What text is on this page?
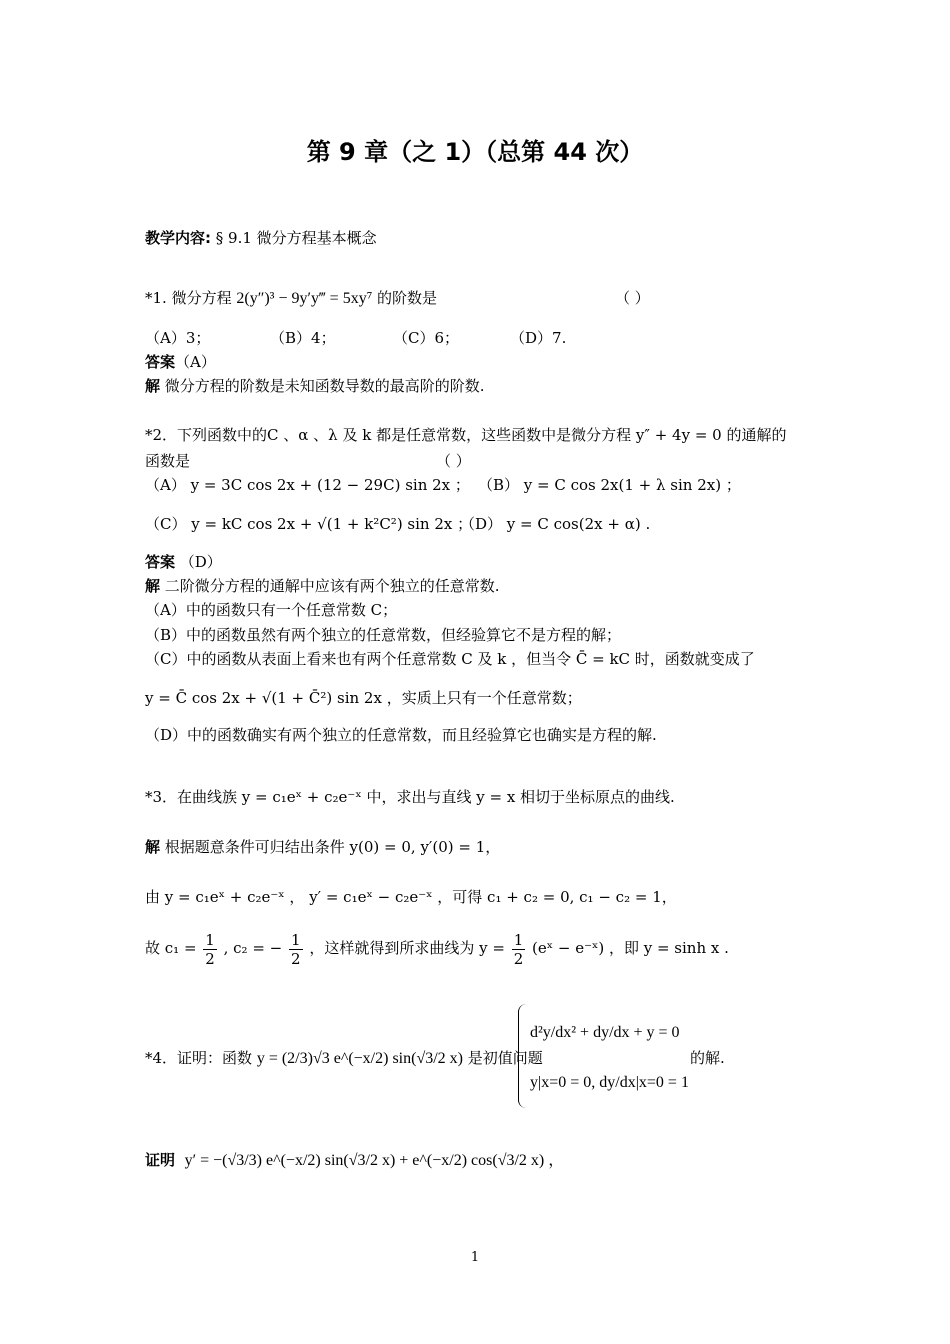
第 9 章（之 1）（总第 44 次）
教学内容: § 9.1 微分方程基本概念
*1. 微分方程 2(y″)³ − 9y′y‴ = 5xy⁷ 的阶数是	（ ）
（A）3；	（B）4；	（C）6；	（D）7.
答案（A）
解 微分方程的阶数是未知函数导数的最高阶的阶数.
*2．下列函数中的C 、α 、λ 及 k 都是任意常数，这些函数中是微分方程 y″ + 4y = 0 的通解的
函数是	（ ）
（A） y = 3C cos 2x + (12 − 29C) sin 2x ； （B） y = C cos 2x(1 + λ sin 2x) ；
（C） y = kC cos 2x + √(1 + k²C²) sin 2x ；
（D） y = C cos(2x + α) .
答案 （D）
解 二阶微分方程的通解中应该有两个独立的任意常数.
（A）中的函数只有一个任意常数 C；
（B）中的函数虽然有两个独立的任意常数，但经验算它不是方程的解；
（C）中的函数从表面上看来也有两个任意常数 C 及 k ，但当令 C̄ = kC 时，函数就变成了
y = C̄ cos 2x + √(1 + C̄²) sin 2x ，实质上只有一个任意常数；
（D）中的函数确实有两个独立的任意常数，而且经验算它也确实是方程的解.
*3．在曲线族 y = c₁eˣ + c₂e⁻ˣ 中，求出与直线 y = x 相切于坐标原点的曲线.
解 根据题意条件可归结出条件 y(0) = 0, y′(0) = 1，
由 y = c₁eˣ + c₂e⁻ˣ ， y′ = c₁eˣ − c₂e⁻ˣ ，可得 c₁ + c₂ = 0, c₁ − c₂ = 1，
故 $c_1 = \frac{1}{2}$ , c₂ = − $\frac{1}{2}$ ，这样就得到所求曲线为 $y = \frac{1}{2}$ (eˣ − e⁻ˣ) ，即 y = sinh x .
*4．证明：函数 y = (2/3)√3 e^(−x/2) sin(√3/2 x) 是初值问题
d²y/dx² + dy/dx + y = 0
y|x=0 = 0, dy/dx|x=0 = 1
的解.
证明 y′ = −(√3/3) e^(−x/2) sin(√3/2 x) + e^(−x/2) cos(√3/2 x) ，
1
